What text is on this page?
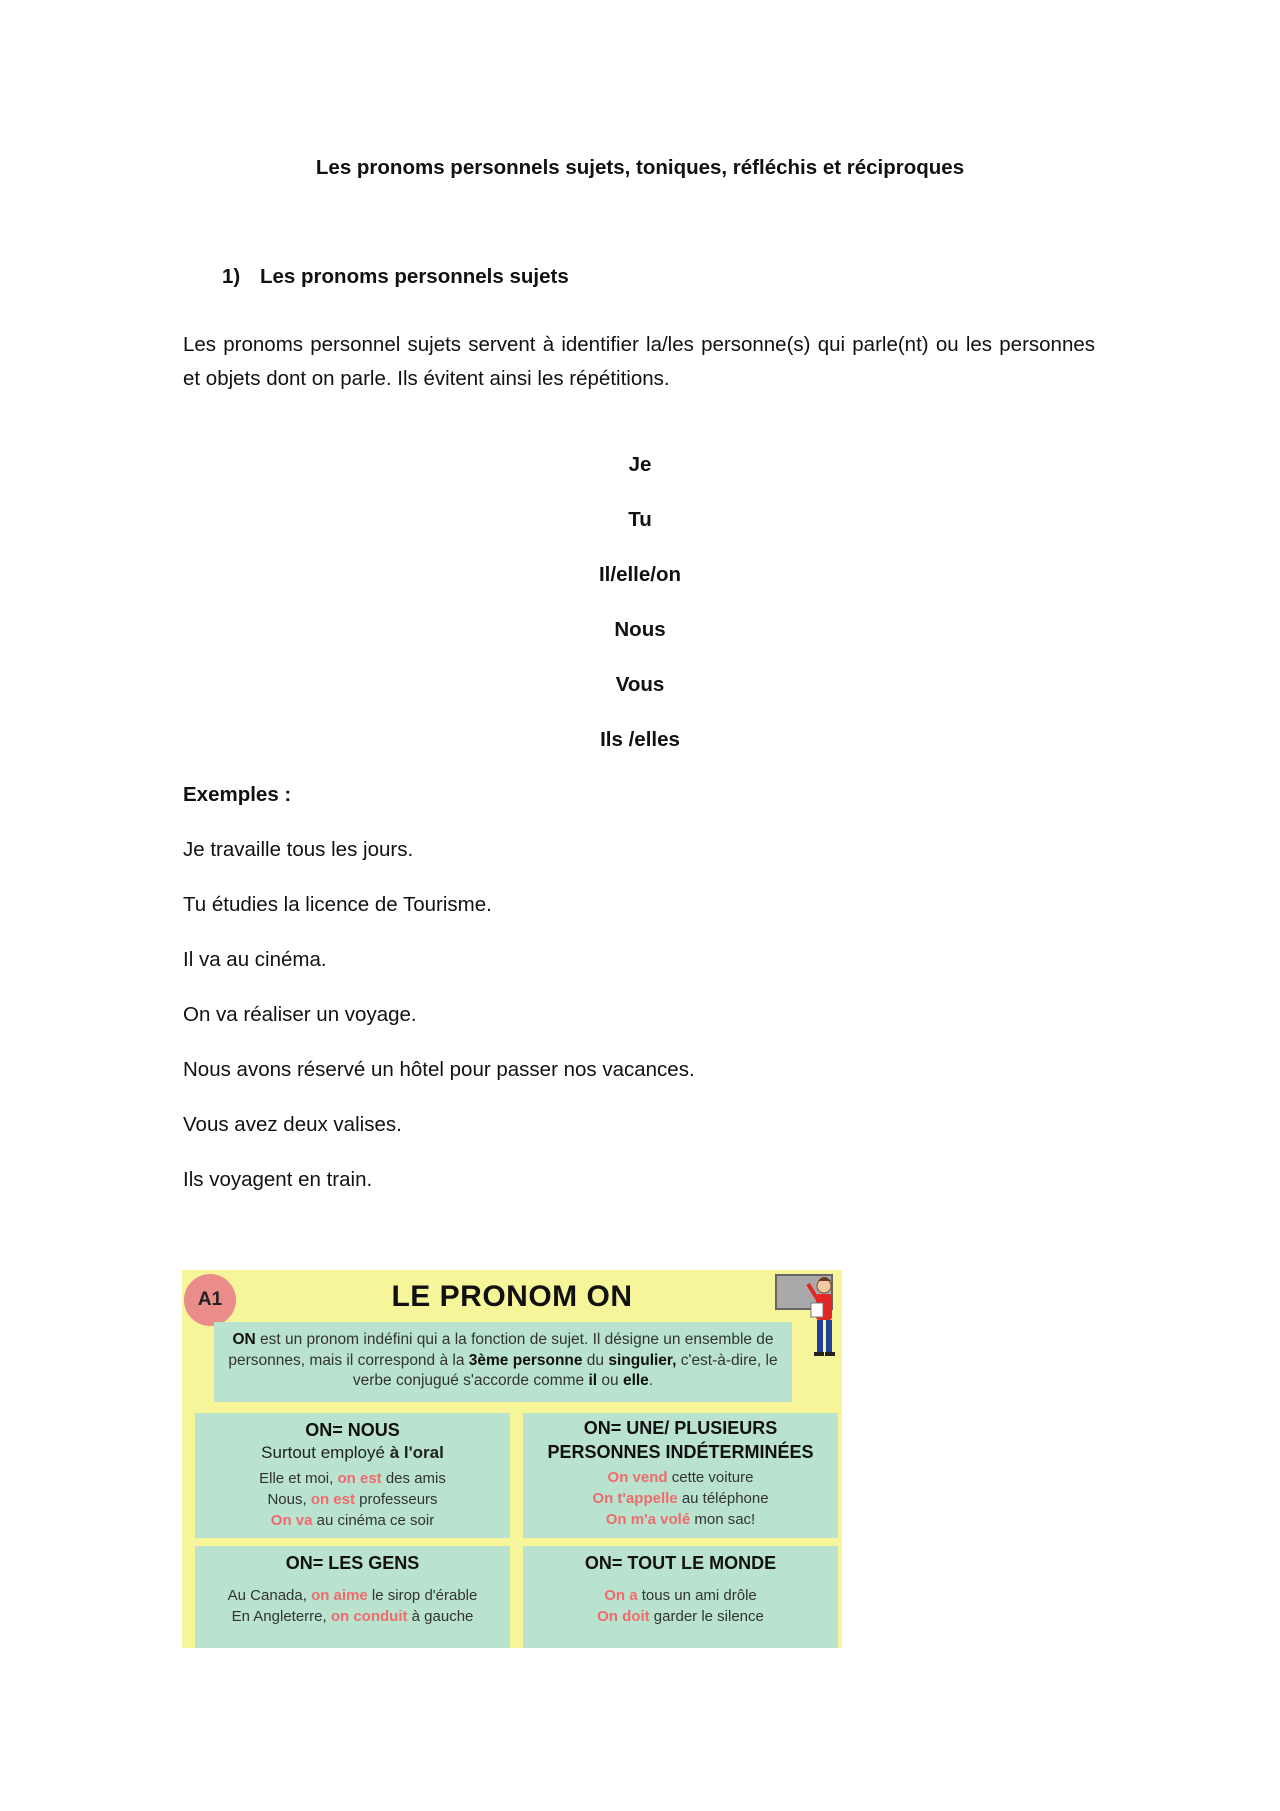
Les pronoms personnels sujets, toniques, réfléchis et réciproques
1) Les pronoms personnels sujets
Les pronoms personnel sujets servent à identifier la/les personne(s) qui parle(nt) ou les personnes et objets dont on parle. Ils évitent ainsi les répétitions.
Je
Tu
Il/elle/on
Nous
Vous
Ils /elles
Exemples :
Je travaille tous les jours.
Tu étudies la licence de Tourisme.
Il va au cinéma.
On va réaliser un voyage.
Nous avons réservé un hôtel pour passer nos vacances.
Vous avez deux valises.
Ils voyagent en train.
A1	LE PRONOM ON
ON est un pronom indéfini qui a la fonction de sujet. Il désigne un ensemble de personnes, mais il correspond à la 3ème personne du singulier, c'est-à-dire, le verbe conjugué s'accorde comme il ou elle.
ON= NOUS
Surtout employé à l'oral
Elle et moi, on est des amis
Nous, on est professeurs
On va au cinéma ce soir
ON= UNE/ PLUSIEURS
PERSONNES INDÉTERMINÉES
On vend cette voiture
On t'appelle au téléphone
On m'a volé mon sac!
ON= LES GENS
Au Canada, on aime le sirop d'érable
En Angleterre, on conduit à gauche
ON= TOUT LE MONDE
On a tous un ami drôle
On doit garder le silence
